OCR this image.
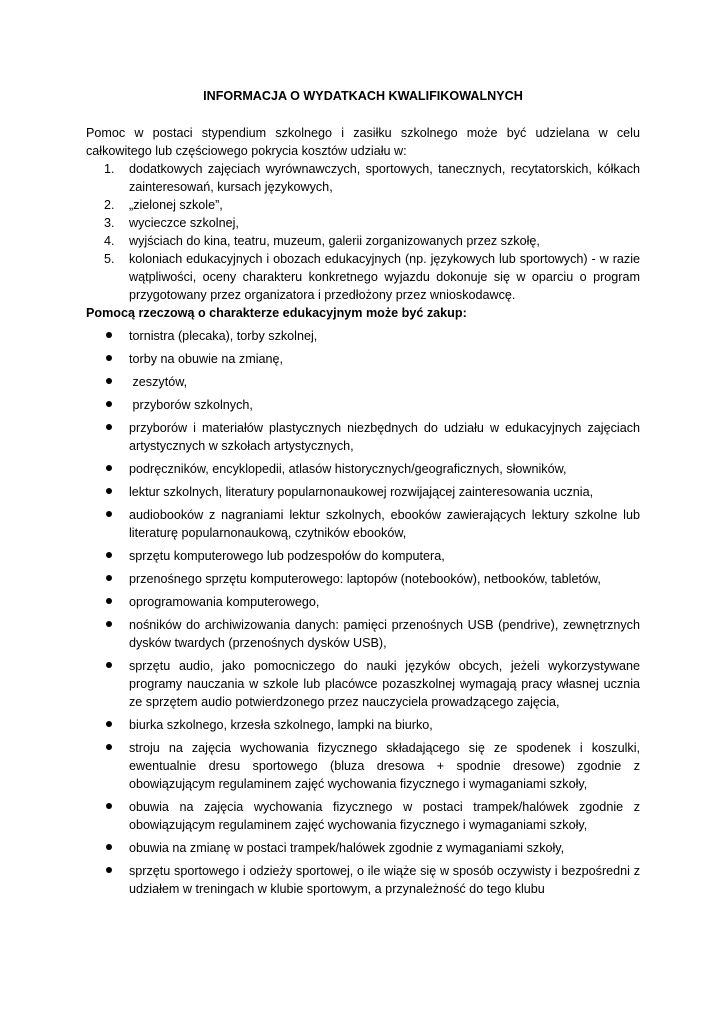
INFORMACJA O WYDATKACH KWALIFIKOWALNYCH

Pomoc w postaci stypendium szkolnego i zasiłku szkolnego może być udzielana w celu całkowitego lub częściowego pokrycia kosztów udziału w:

1. dodatkowych zajęciach wyrównawczych, sportowych, tanecznych, recytatorskich, kółkach zainteresowań, kursach językowych,
2. „zielonej szkole”,
3. wycieczce szkolnej,
4. wyjściach do kina, teatru, muzeum, galerii zorganizowanych przez szkołę,
5. koloniach edukacyjnych i obozach edukacyjnych (np. językowych lub sportowych) - w razie wątpliwości, oceny charakteru konkretnego wyjazdu dokonuje się w oparciu o program przygotowany przez organizatora i przedłożony przez wnioskodawcę.

Pomocą rzeczową o charakterze edukacyjnym może być zakup:

tornistra (plecaka), torby szkolnej,
torby na obuwie na zmianę,
zeszytów,
przyborów szkolnych,
przyborów i materiałów plastycznych niezbędnych do udziału w edukacyjnych zajęciach artystycznych w szkołach artystycznych,
podręczników, encyklopedii, atlasów historycznych/geograficznych, słowników,
lektur szkolnych, literatury popularnonaukowej rozwijającej zainteresowania ucznia,
audiobooków z nagraniami lektur szkolnych, ebooków zawierających lektury szkolne lub literaturę popularnonaukową, czytników ebooków,
sprzętu komputerowego lub podzespołów do komputera,
przenośnego sprzętu komputerowego: laptopów (notebooków), netbooków, tabletów,
oprogramowania komputerowego,
nośników do archiwizowania danych: pamięci przenośnych USB (pendrive), zewnętrznych dysków twardych (przenośnych dysków USB),
sprzętu audio, jako pomocniczego do nauki języków obcych, jeżeli wykorzystywane programy nauczania w szkole lub placówce pozaszkolnej wymagają pracy własnej ucznia ze sprzętem audio potwierdzonego przez nauczyciela prowadzącego zajęcia,
biurka szkolnego, krzesła szkolnego, lampki na biurko,
stroju na zajęcia wychowania fizycznego składającego się ze spodenek i koszulki, ewentualnie dresu sportowego (bluza dresowa + spodnie dresowe) zgodnie z obowiązującym regulaminem zajęć wychowania fizycznego i wymaganiami szkoły,
obuwia na zajęcia wychowania fizycznego w postaci trampek/halówek zgodnie z obowiązującym regulaminem zajęć wychowania fizycznego i wymaganiami szkoły,
obuwia na zmianę w postaci trampek/halówek zgodnie z wymaganiami szkoły,
sprzętu sportowego i odzieży sportowej, o ile wiąże się w sposób oczywisty i bezpośredni z udziałem w treningach w klubie sportowym, a przynależność do tego klubu
